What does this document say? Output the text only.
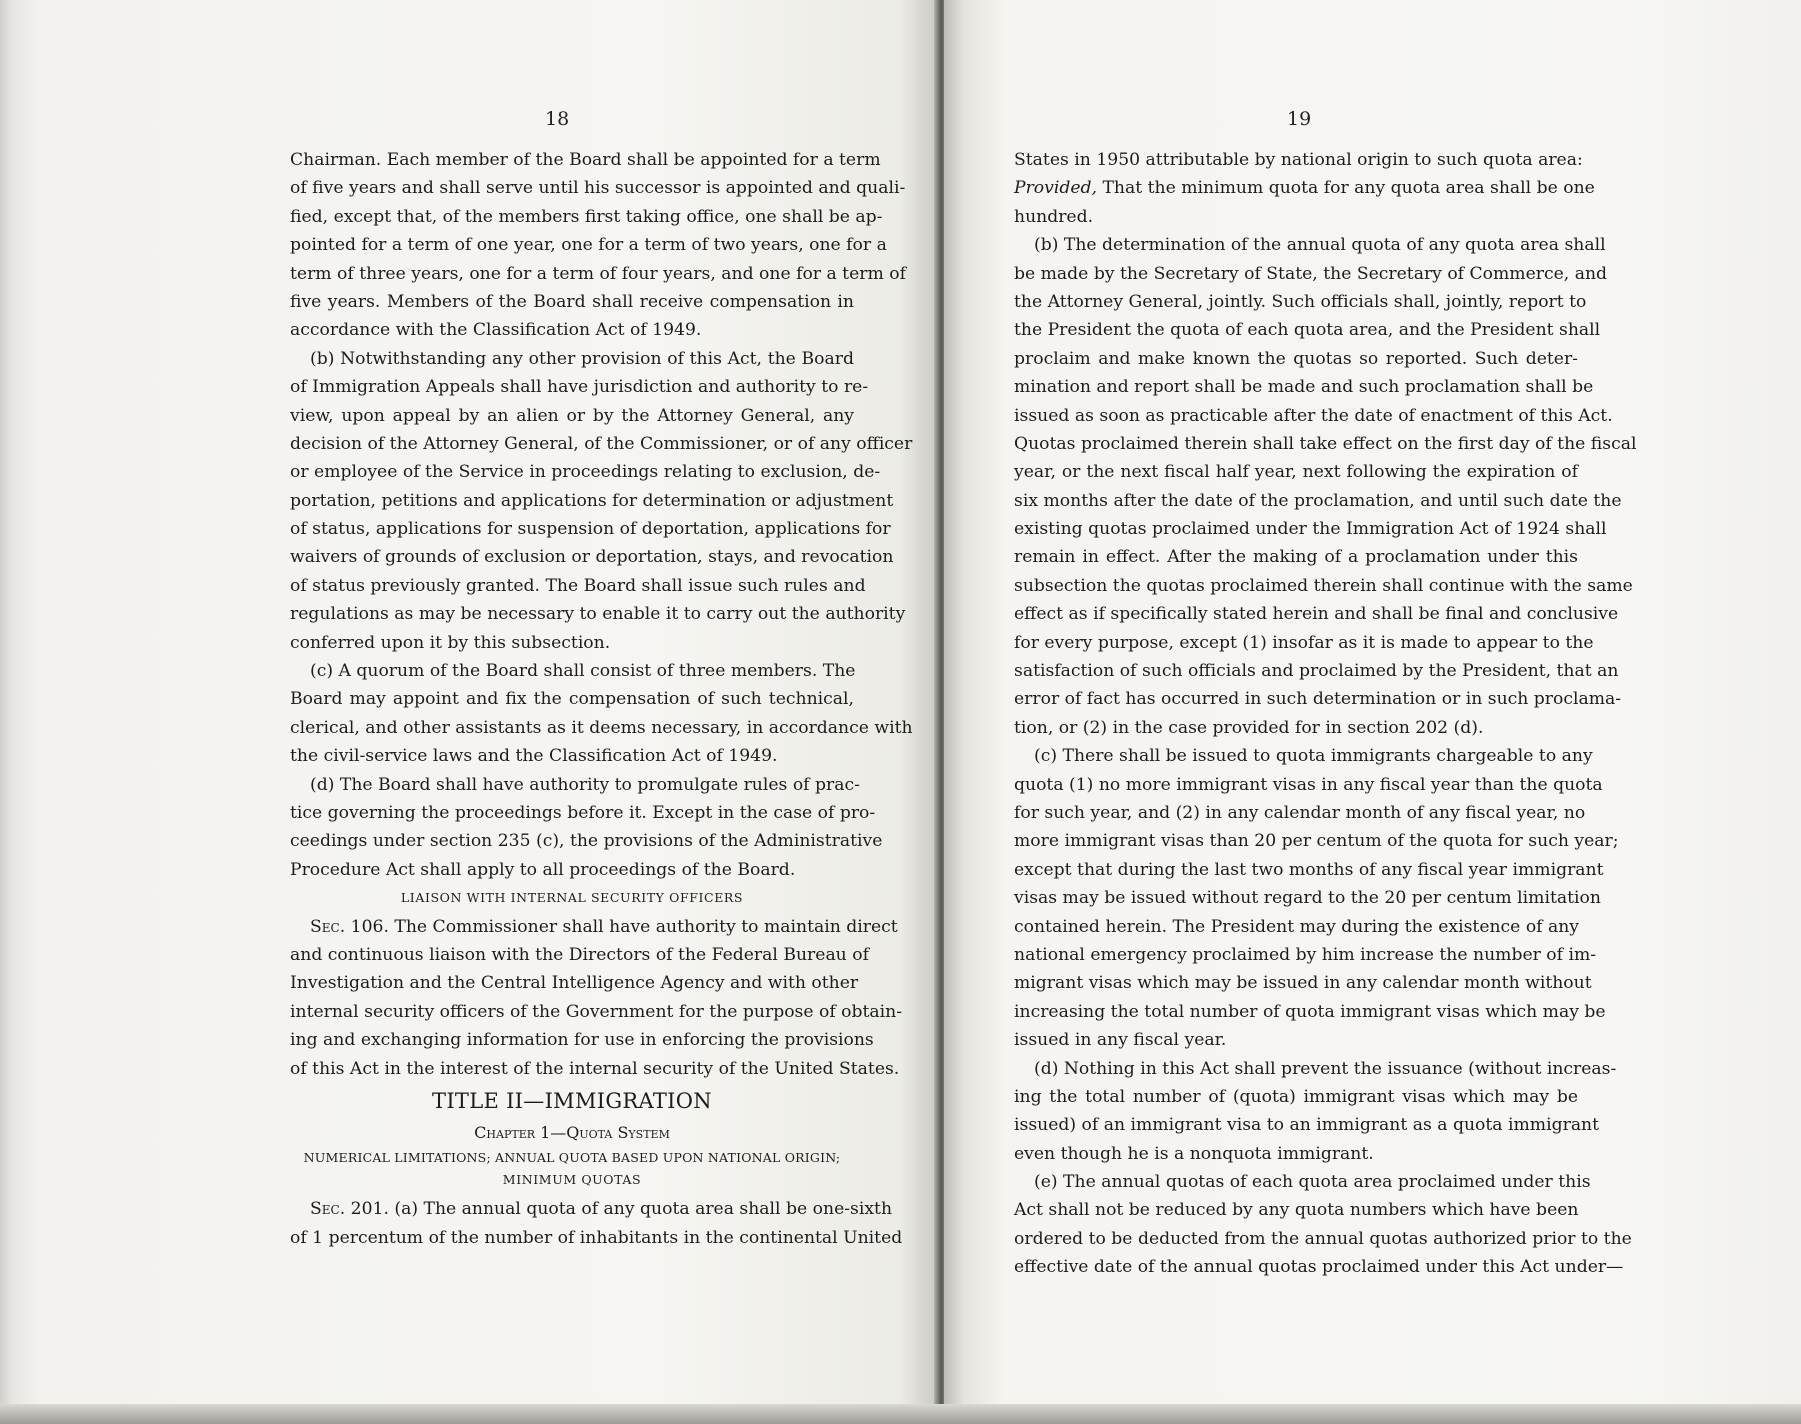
18
Chairman. Each member of the Board shall be appointed for a term
of five years and shall serve until his successor is appointed and quali-
fied, except that, of the members first taking office, one shall be ap-
pointed for a term of one year, one for a term of two years, one for a
term of three years, one for a term of four years, and one for a term of
five years. Members of the Board shall receive compensation in
accordance with the Classification Act of 1949.
(b) Notwithstanding any other provision of this Act, the Board
of Immigration Appeals shall have jurisdiction and authority to re-
view, upon appeal by an alien or by the Attorney General, any
decision of the Attorney General, of the Commissioner, or of any officer
or employee of the Service in proceedings relating to exclusion, de-
portation, petitions and applications for determination or adjustment
of status, applications for suspension of deportation, applications for
waivers of grounds of exclusion or deportation, stays, and revocation
of status previously granted. The Board shall issue such rules and
regulations as may be necessary to enable it to carry out the authority
conferred upon it by this subsection.
(c) A quorum of the Board shall consist of three members. The
Board may appoint and fix the compensation of such technical,
clerical, and other assistants as it deems necessary, in accordance with
the civil-service laws and the Classification Act of 1949.
(d) The Board shall have authority to promulgate rules of prac-
tice governing the proceedings before it. Except in the case of pro-
ceedings under section 235 (c), the provisions of the Administrative
Procedure Act shall apply to all proceedings of the Board.
LIAISON WITH INTERNAL SECURITY OFFICERS
Sec. 106. The Commissioner shall have authority to maintain direct
and continuous liaison with the Directors of the Federal Bureau of
Investigation and the Central Intelligence Agency and with other
internal security officers of the Government for the purpose of obtain-
ing and exchanging information for use in enforcing the provisions
of this Act in the interest of the internal security of the United States.
TITLE II—IMMIGRATION
Chapter 1—Quota System
NUMERICAL LIMITATIONS; ANNUAL QUOTA BASED UPON NATIONAL ORIGIN;
MINIMUM QUOTAS
Sec. 201. (a) The annual quota of any quota area shall be one-sixth
of 1 percentum of the number of inhabitants in the continental United
19
States in 1950 attributable by national origin to such quota area:
Provided, That the minimum quota for any quota area shall be one
hundred.
(b) The determination of the annual quota of any quota area shall
be made by the Secretary of State, the Secretary of Commerce, and
the Attorney General, jointly. Such officials shall, jointly, report to
the President the quota of each quota area, and the President shall
proclaim and make known the quotas so reported. Such deter-
mination and report shall be made and such proclamation shall be
issued as soon as practicable after the date of enactment of this Act.
Quotas proclaimed therein shall take effect on the first day of the fiscal
year, or the next fiscal half year, next following the expiration of
six months after the date of the proclamation, and until such date the
existing quotas proclaimed under the Immigration Act of 1924 shall
remain in effect. After the making of a proclamation under this
subsection the quotas proclaimed therein shall continue with the same
effect as if specifically stated herein and shall be final and conclusive
for every purpose, except (1) insofar as it is made to appear to the
satisfaction of such officials and proclaimed by the President, that an
error of fact has occurred in such determination or in such proclama-
tion, or (2) in the case provided for in section 202 (d).
(c) There shall be issued to quota immigrants chargeable to any
quota (1) no more immigrant visas in any fiscal year than the quota
for such year, and (2) in any calendar month of any fiscal year, no
more immigrant visas than 20 per centum of the quota for such year;
except that during the last two months of any fiscal year immigrant
visas may be issued without regard to the 20 per centum limitation
contained herein. The President may during the existence of any
national emergency proclaimed by him increase the number of im-
migrant visas which may be issued in any calendar month without
increasing the total number of quota immigrant visas which may be
issued in any fiscal year.
(d) Nothing in this Act shall prevent the issuance (without increas-
ing the total number of (quota) immigrant visas which may be
issued) of an immigrant visa to an immigrant as a quota immigrant
even though he is a nonquota immigrant.
(e) The annual quotas of each quota area proclaimed under this
Act shall not be reduced by any quota numbers which have been
ordered to be deducted from the annual quotas authorized prior to the
effective date of the annual quotas proclaimed under this Act under—
